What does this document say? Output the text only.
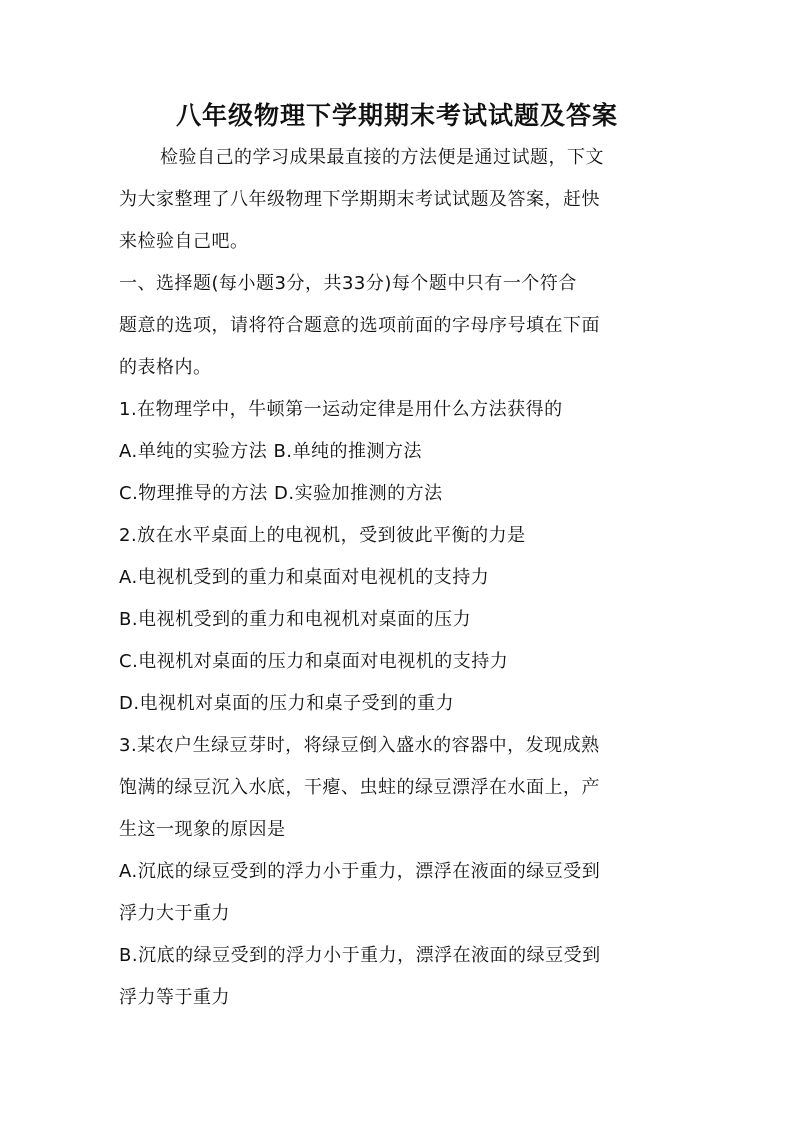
八年级物理下学期期末考试试题及答案
检验自己的学习成果最直接的方法便是通过试题，下文
为大家整理了八年级物理下学期期末考试试题及答案，赶快
来检验自己吧。
一、选择题(每小题3分，共33分)每个题中只有一个符合
题意的选项，请将符合题意的选项前面的字母序号填在下面
的表格内。
1.在物理学中，牛顿第一运动定律是用什么方法获得的
A.单纯的实验方法 B.单纯的推测方法
C.物理推导的方法 D.实验加推测的方法
2.放在水平桌面上的电视机，受到彼此平衡的力是
A.电视机受到的重力和桌面对电视机的支持力
B.电视机受到的重力和电视机对桌面的压力
C.电视机对桌面的压力和桌面对电视机的支持力
D.电视机对桌面的压力和桌子受到的重力
3.某农户生绿豆芽时，将绿豆倒入盛水的容器中，发现成熟
饱满的绿豆沉入水底，干瘪、虫蛀的绿豆漂浮在水面上，产
生这一现象的原因是
A.沉底的绿豆受到的浮力小于重力，漂浮在液面的绿豆受到
浮力大于重力
B.沉底的绿豆受到的浮力小于重力，漂浮在液面的绿豆受到
浮力等于重力
